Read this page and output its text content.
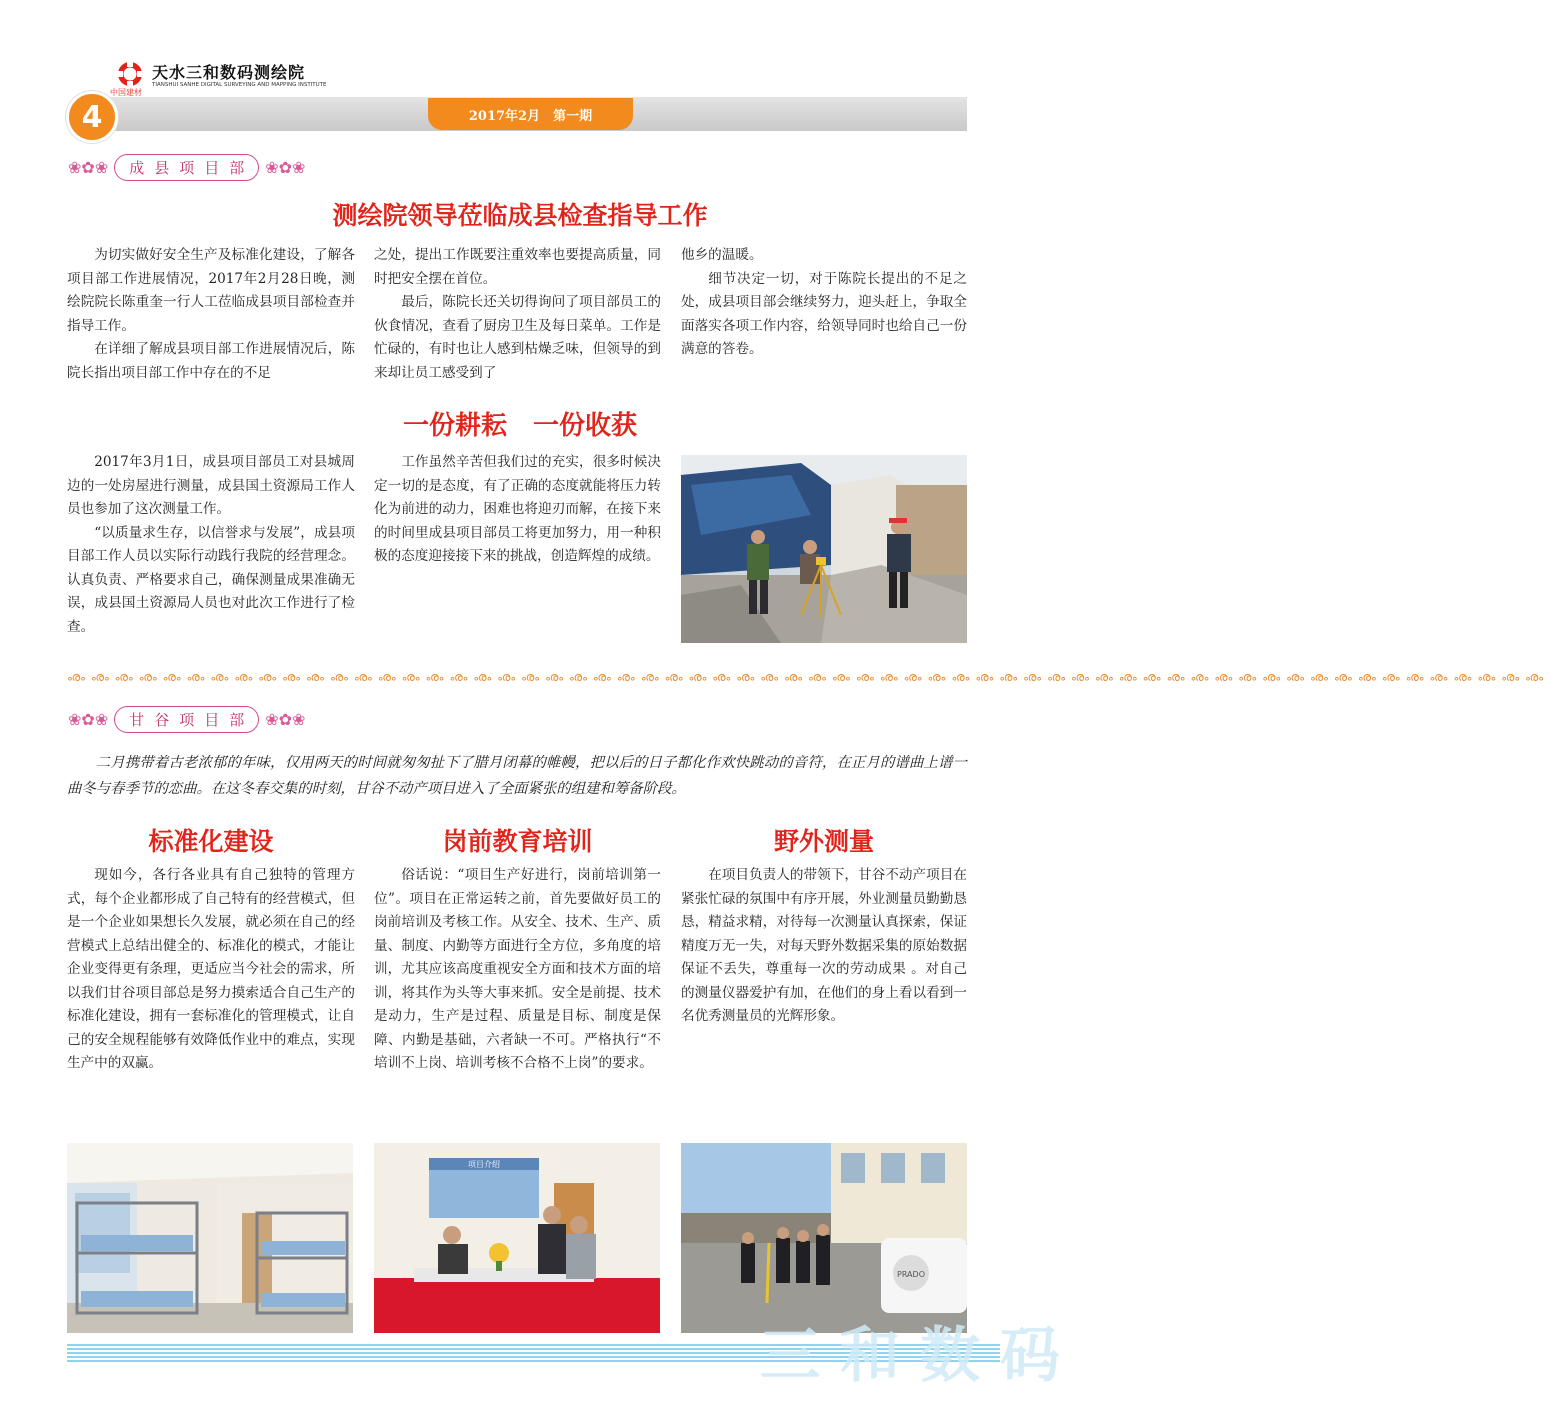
中国建材
天水三和数码测绘院
TIANSHUI SANHE DIGITAL SURVEYING AND MAPPING INSTITUTE
2017年2月　第一期
4
❀✿❀	成县项目部 ❀✿❀
测绘院领导莅临成县检查指导工作

为切实做好安全生产及标准化建设，了解各项目部工作进展情况，2017年2月28日晚，测绘院院长陈重奎一行人工莅临成县项目部检查并指导工作。

在详细了解成县项目部工作进展情况后，陈院长指出项目部工作中存在的不足

之处，提出工作既要注重效率也要提高质量，同时把安全摆在首位。

最后，陈院长还关切得询问了项目部员工的伙食情况，查看了厨房卫生及每日菜单。工作是忙碌的，有时也让人感到枯燥乏味，但领导的到来却让员工感受到了

他乡的温暖。

细节决定一切，对于陈院长提出的不足之处，成县项目部会继续努力，迎头赶上，争取全面落实各项工作内容，给领导同时也给自己一份满意的答卷。

一份耕耘　一份收获

2017年3月1日，成县项目部员工对县城周边的一处房屋进行测量，成县国土资源局工作人员也参加了这次测量工作。

“以质量求生存，以信誉求与发展”，成县项目部工作人员以实际行动践行我院的经营理念。认真负责、严格要求自己，确保测量成果准确无误，成县国土资源局人员也对此次工作进行了检查。

工作虽然辛苦但我们过的充实，很多时候决定一切的是态度，有了正确的态度就能将压力转化为前进的动力，困难也将迎刃而解，在接下来的时间里成县项目部员工将更加努力，用一种积极的态度迎接接下来的挑战，创造辉煌的成绩。

ൟൟൟൟൟൟൟൟൟൟൟൟൟൟൟൟൟൟൟൟൟൟൟൟൟൟൟൟൟൟൟൟൟൟൟൟൟൟൟൟൟൟൟൟൟൟൟൟൟൟൟൟൟൟൟൟൟൟൟൟൟൟ
❀✿❀	甘谷项目部 ❀✿❀

二月携带着古老浓郁的年味，仅用两天的时间就匆匆扯下了腊月闭幕的帷幔，把以后的日子都化作欢快跳动的音符，在正月的谱曲上谱一曲冬与春季节的恋曲。在这冬春交集的时刻，甘谷不动产项目进入了全面紧张的组建和筹备阶段。

标准化建设	岗前教育培训	野外测量

现如今，各行各业具有自己独特的管理方式，每个企业都形成了自己特有的经营模式，但是一个企业如果想长久发展，就必须在自己的经营模式上总结出健全的、标准化的模式，才能让企业变得更有条理，更适应当今社会的需求，所以我们甘谷项目部总是努力摸索适合自己生产的标准化建设，拥有一套标准化的管理模式，让自己的安全规程能够有效降低作业中的难点，实现生产中的双赢。

俗话说：“项目生产好进行，岗前培训第一位”。项目在正常运转之前，首先要做好员工的岗前培训及考核工作。从安全、技术、生产、质量、制度、内勤等方面进行全方位，多角度的培训，尤其应该高度重视安全方面和技术方面的培训，将其作为头等大事来抓。安全是前提、技术是动力，生产是过程、质量是目标、制度是保障、内勤是基础，六者缺一不可。严格执行“不培训不上岗、培训考核不合格不上岗”的要求。

在项目负责人的带领下，甘谷不动产项目在紧张忙碌的氛围中有序开展，外业测量员勤勤恳恳，精益求精，对待每一次测量认真探索，保证精度万无一失，对每天野外数据采集的原始数据保证不丢失，尊重每一次的劳动成果 。对自己的测量仪器爱护有加，在他们的身上看以看到一名优秀测量员的光辉形象。

项目介绍
PRADO
三和数码
